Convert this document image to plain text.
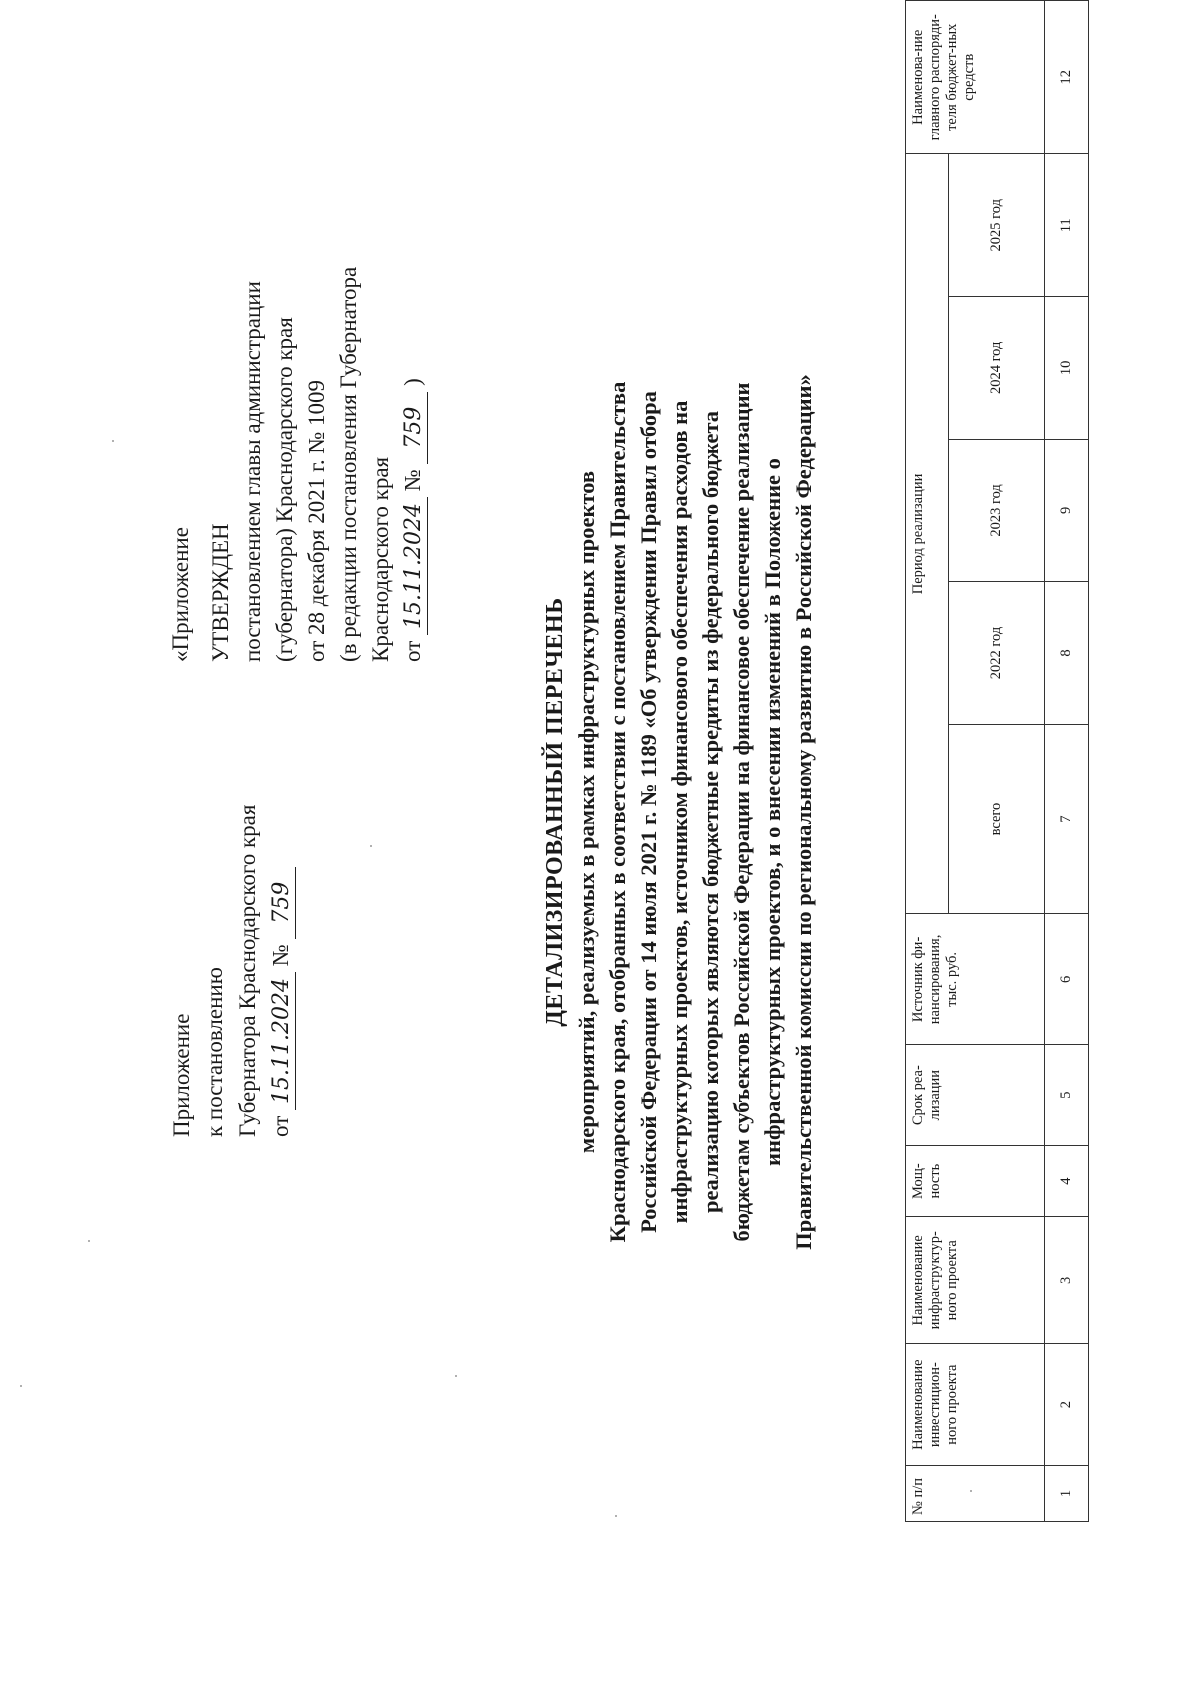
Приложение к постановлению Губернатора Краснодарского края от 15.11.2024 № 759
«Приложение УТВЕРЖДЕН постановлением главы администрации (губернатора) Краснодарского края от 28 декабря 2021 г. № 1009 (в редакции постановления Губернатора Краснодарского края от 15.11.2024 № 759 )
ДЕТАЛИЗИРОВАННЫЙ ПЕРЕЧЕНЬ мероприятий, реализуемых в рамках инфраструктурных проектов Краснодарского края, отобранных в соответствии с постановлением Правительства Российской Федерации от 14 июля 2021 г. № 1189 «Об утверждении Правил отбора инфраструктурных проектов, источником финансового обеспечения расходов на реализацию которых являются бюджетные кредиты из федерального бюджета бюджетам субъектов Российской Федерации на финансовое обеспечение реализации инфраструктурных проектов, и о внесении изменений в Положение о Правительственной комиссии по региональному развитию в Российской Федерации»
№ п/п	Наименование инвестицион-ного проекта	Наименование инфраструктур-ного проекта	Мощ-ность	Срок реа-лизации	Источник фи-нансирования, тыс. руб.	Период реализации					Наименова-ние главного распоряди-теля бюджет-ных средств
						всего	2022 год	2023 год	2024 год	2025 год	
1	2	3	4	5	6	7	8	9	10	11	12
